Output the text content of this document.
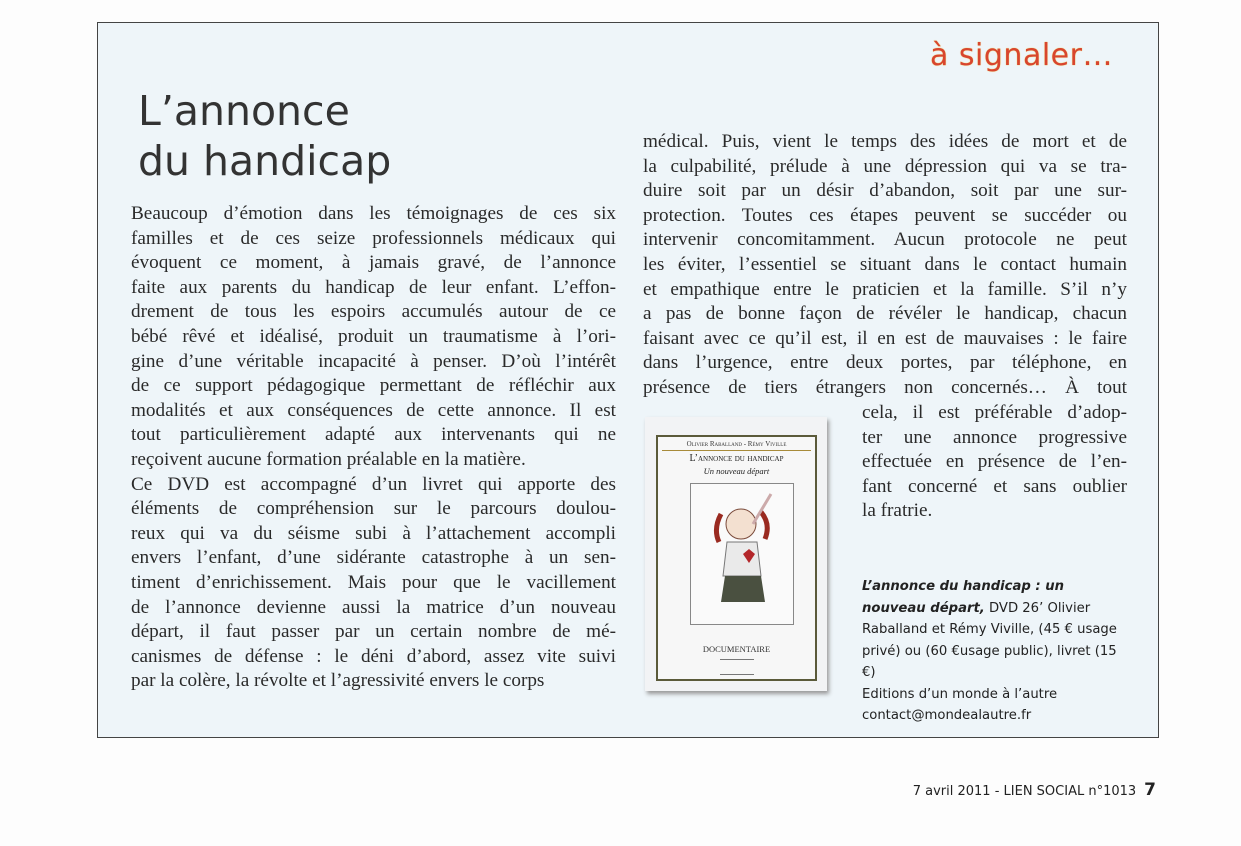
à signaler…
L’annonce
du handicap
Beaucoup d’émotion dans les témoignages de ces six
familles et de ces seize professionnels médicaux qui
évoquent ce moment, à jamais gravé, de l’annonce
faite aux parents du handicap de leur enfant. L’effon-
drement de tous les espoirs accumulés autour de ce
bébé rêvé et idéalisé, produit un traumatisme à l’ori-
gine d’une véritable incapacité à penser. D’où l’intérêt
de ce support pédagogique permettant de réfléchir aux
modalités et aux conséquences de cette annonce. Il est
tout particulièrement adapté aux intervenants qui ne
reçoivent aucune formation préalable en la matière.
Ce DVD est accompagné d’un livret qui apporte des
éléments de compréhension sur le parcours doulou-
reux qui va du séisme subi à l’attachement accompli
envers l’enfant, d’une sidérante catastrophe à un sen-
timent d’enrichissement. Mais pour que le vacillement
de l’annonce devienne aussi la matrice d’un nouveau
départ, il faut passer par un certain nombre de mé-
canismes de défense : le déni d’abord, assez vite suivi
par la colère, la révolte et l’agressivité envers le corps
médical. Puis, vient le temps des idées de mort et de
la culpabilité, prélude à une dépression qui va se tra-
duire soit par un désir d’abandon, soit par une sur-
protection. Toutes ces étapes peuvent se succéder ou
intervenir concomitamment. Aucun protocole ne peut
les éviter, l’essentiel se situant dans le contact humain
et empathique entre le praticien et la famille. S’il n’y
a pas de bonne façon de révéler le handicap, chacun
faisant avec ce qu’il est, il en est de mauvaises : le faire
dans l’urgence, entre deux portes, par téléphone, en
présence de tiers étrangers non concernés… À tout
cela, il est préférable d’adop-
ter une annonce progressive
effectuée en présence de l’en-
fant concerné et sans oublier
la fratrie.
Olivier Raballand - Rémy Viville
L’annonce du handicap
Un nouveau départ
DOCUMENTAIRE
L’annonce du handicap : un nouveau départ, DVD 26’ Olivier Raballand et Rémy Viville, (45 € usage privé) ou (60 €usage public), livret (15 €)
Editions d’un monde à l’autre
contact@mondealautre.fr
7 avril 2011 - LIEN SOCIAL n°1013 7
